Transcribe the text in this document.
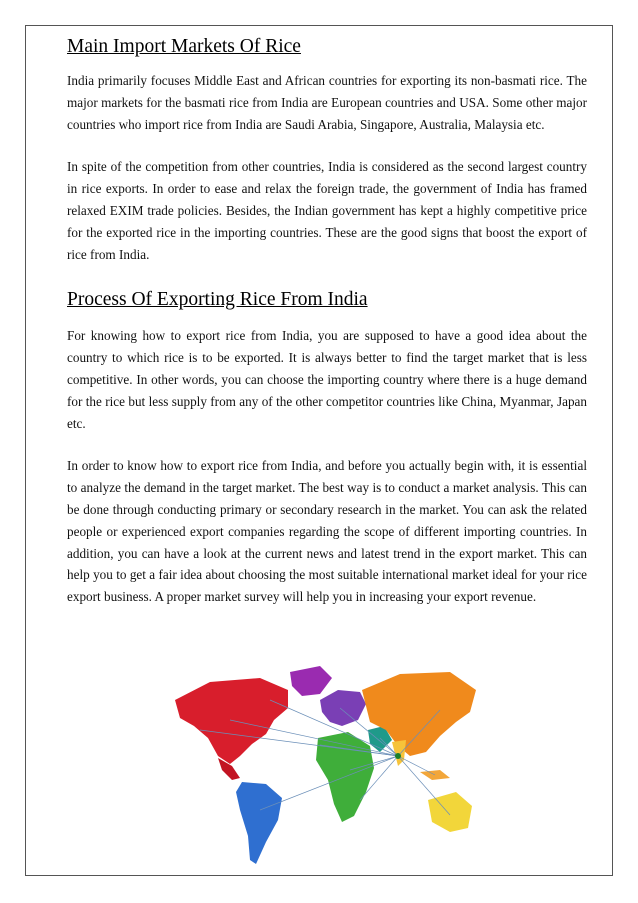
Main Import Markets Of Rice

India primarily focuses Middle East and African countries for exporting its non-basmati rice. The major markets for the basmati rice from India are European countries and USA. Some other major countries who import rice from India are Saudi Arabia, Singapore, Australia, Malaysia etc.

In spite of the competition from other countries, India is considered as the second largest country in rice exports. In order to ease and relax the foreign trade, the government of India has framed relaxed EXIM trade policies. Besides, the Indian government has kept a highly competitive price for the exported rice in the importing countries. These are the good signs that boost the export of rice from India.

Process Of Exporting Rice From India

For knowing how to export rice from India, you are supposed to have a good idea about the country to which rice is to be exported. It is always better to find the target market that is less competitive. In other words, you can choose the importing country where there is a huge demand for the rice but less supply from any of the other competitor countries like China, Myanmar, Japan etc.

In order to know how to export rice from India, and before you actually begin with, it is essential to analyze the demand in the target market. The best way is to conduct a market analysis. This can be done through conducting primary or secondary research in the market. You can ask the related people or experienced export companies regarding the scope of different importing countries. In addition, you can have a look at the current news and latest trend in the export market. This can help you to get a fair idea about choosing the most suitable international market ideal for your rice export business. A proper market survey will help you in increasing your export revenue.
